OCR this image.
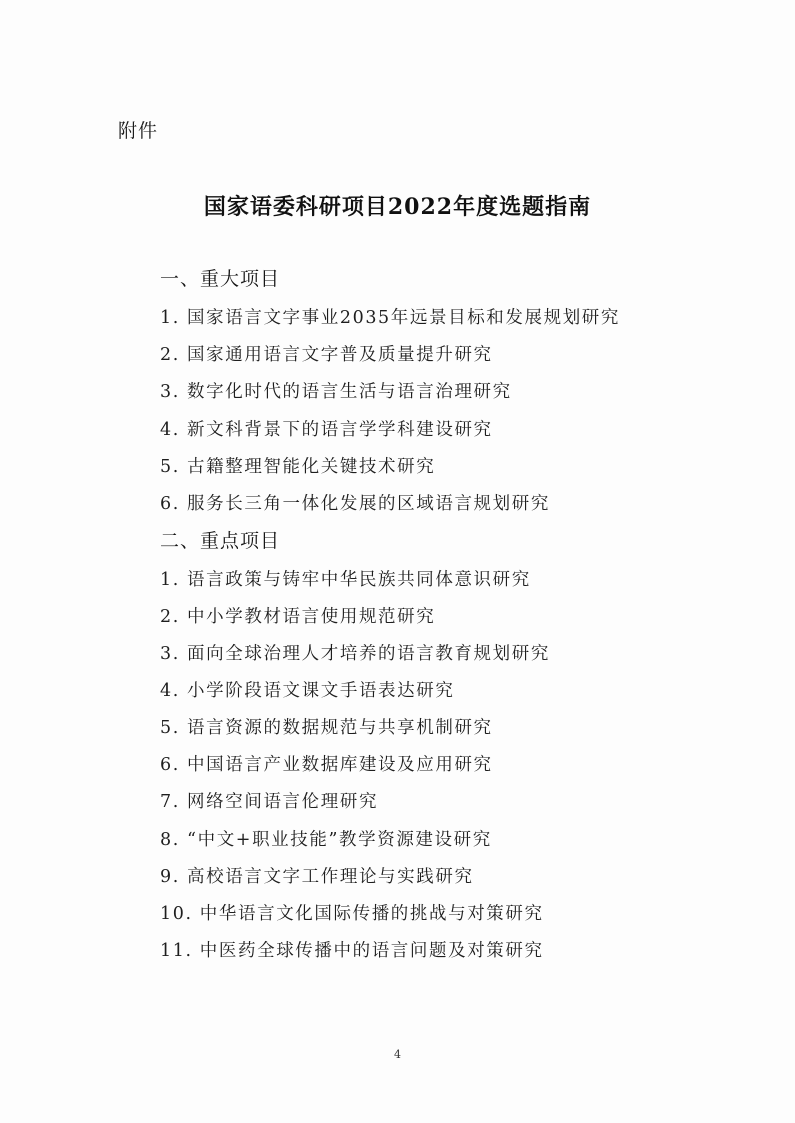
附件
国家语委科研项目2022年度选题指南
一、重大项目
1. 国家语言文字事业2035年远景目标和发展规划研究
2. 国家通用语言文字普及质量提升研究
3. 数字化时代的语言生活与语言治理研究
4. 新文科背景下的语言学学科建设研究
5. 古籍整理智能化关键技术研究
6. 服务长三角一体化发展的区域语言规划研究
二、重点项目
1. 语言政策与铸牢中华民族共同体意识研究
2. 中小学教材语言使用规范研究
3. 面向全球治理人才培养的语言教育规划研究
4. 小学阶段语文课文手语表达研究
5. 语言资源的数据规范与共享机制研究
6. 中国语言产业数据库建设及应用研究
7. 网络空间语言伦理研究
8. “中文+职业技能”教学资源建设研究
9. 高校语言文字工作理论与实践研究
10. 中华语言文化国际传播的挑战与对策研究
11. 中医药全球传播中的语言问题及对策研究
4
